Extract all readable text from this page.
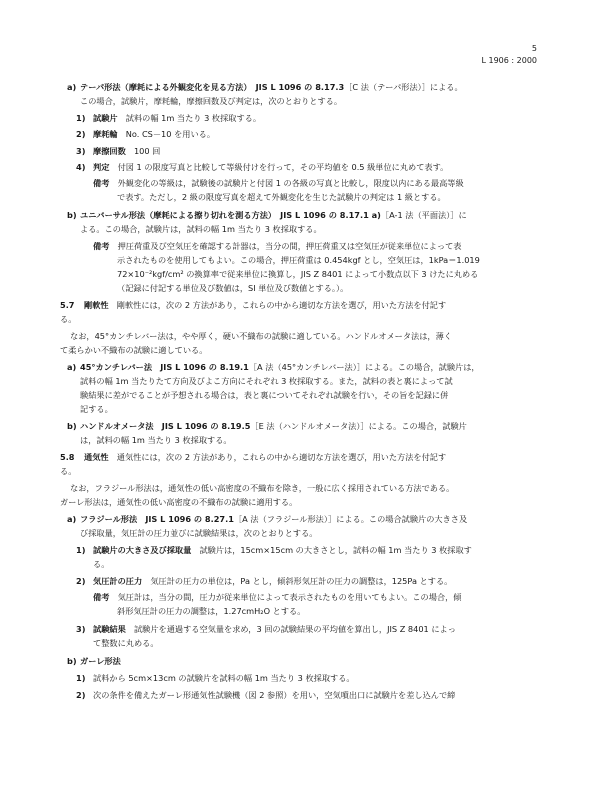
5
L 1906 : 2000
a) テーパ形法（摩耗による外観変化を見る方法）　JIS L 1096 の 8.17.3［C 法（テーパ形法）］による。
この場合，試験片，摩耗輪，摩擦回数及び判定は，次のとおりとする。
1) 試験片　試料の幅 1m 当たり 3 枚採取する。
2) 摩耗輪　No. CS－10 を用いる。
3) 摩擦回数　100 回
4) 判定　付図 1 の限度写真と比較して等級付けを行って，その平均値を 0.5 級単位に丸めて表す。
備考　外観変化の等級は，試験後の試験片と付図 1 の各級の写真と比較し，限度以内にある最高等級
で表す。ただし，2 級の限度写真を超えて外観変化を生じた試験片の判定は 1 級とする。
b) ユニバーサル形法（摩耗による擦り切れを測る方法）　JIS L 1096 の 8.17.1 a)［A-1 法（平面法）］に
よる。この場合，試験片は，試料の幅 1m 当たり 3 枚採取する。
備考　押圧荷重及び空気圧を確認する計器は，当分の間，押圧荷重又は空気圧が従来単位によって表
示されたものを使用してもよい。この場合，押圧荷重は 0.454kgf とし，空気圧は，1kPa＝1.019
72×10⁻²kgf/cm² の換算率で従来単位に換算し，JIS Z 8401 によって小数点以下 3 けたに丸める
（記録に付記する単位及び数値は，SI 単位及び数値とする。）。
5.7 剛軟性　剛軟性には，次の 2 方法があり，これらの中から適切な方法を選び，用いた方法を付記す
る。
なお，45°カンチレバー法は，やや厚く，硬い不織布の試験に適している。ハンドルオメータ法は，薄く
て柔らかい不織布の試験に適している。
a) 45°カンチレバー法　JIS L 1096 の 8.19.1［A 法（45°カンチレバー法）］による。この場合，試験片は，
試料の幅 1m 当たりたて方向及びよこ方向にそれぞれ 3 枚採取する。また，試料の表と裏によって試
験結果に差がでることが予想される場合は，表と裏についてそれぞれ試験を行い，その旨を記録に併
記する。
b) ハンドルオメータ法　JIS L 1096 の 8.19.5［E 法（ハンドルオメータ法）］による。この場合，試験片
は，試料の幅 1m 当たり 3 枚採取する。
5.8 通気性　通気性には，次の 2 方法があり，これらの中から適切な方法を選び，用いた方法を付記す
る。
なお，フラジール形法は，通気性の低い高密度の不織布を除き，一般に広く採用されている方法である。
ガーレ形法は，通気性の低い高密度の不織布の試験に適用する。
a) フラジール形法　JIS L 1096 の 8.27.1［A 法（フラジール形法）］による。この場合試験片の大きさ及
び採取量，気圧計の圧力並びに試験結果は，次のとおりとする。
1) 試験片の大きさ及び採取量　試験片は，15cm×15cm の大きさとし，試料の幅 1m 当たり 3 枚採取す
る。
2) 気圧計の圧力　気圧計の圧力の単位は，Pa とし，傾斜形気圧計の圧力の調整は，125Pa とする。
備考　気圧計は，当分の間，圧力が従来単位によって表示されたものを用いてもよい。この場合，傾
斜形気圧計の圧力の調整は，1.27cmH₂O とする。
3) 試験結果　試験片を通過する空気量を求め，3 回の試験結果の平均値を算出し，JIS Z 8401 によっ
て整数に丸める。
b) ガーレ形法
1) 試料から 5cm×13cm の試験片を試料の幅 1m 当たり 3 枚採取する。
2) 次の条件を備えたガーレ形通気性試験機（図 2 参照）を用い，空気噴出口に試験片を差し込んで締
